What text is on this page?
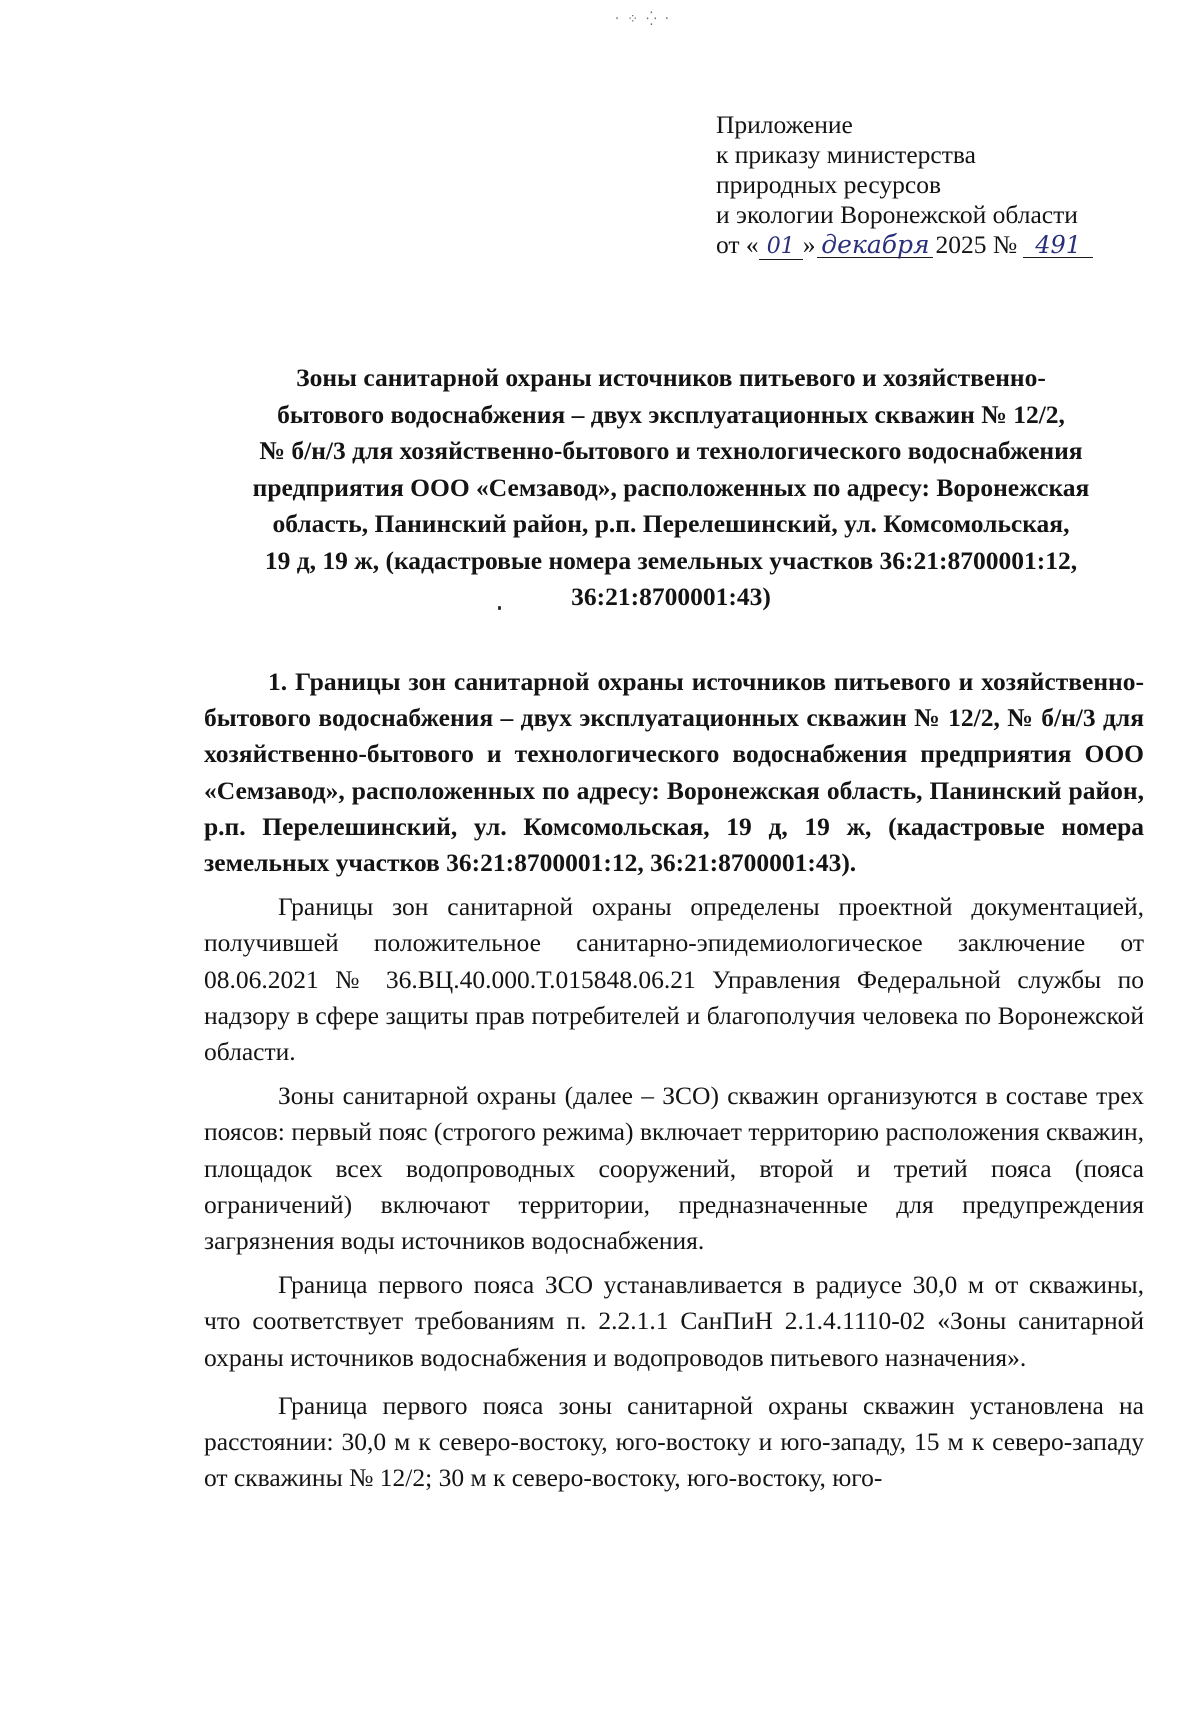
· ⁘ ⁛ ·
Приложение
к приказу министерства
природных ресурсов
и экологии Воронежской области
от « 01 » декабря 2025 № 491
Зоны санитарной охраны источников питьевого и хозяйственно-
бытового водоснабжения – двух эксплуатационных скважин № 12/2,
№ б/н/3 для хозяйственно-бытового и технологического водоснабжения
предприятия ООО «Семзавод», расположенных по адресу: Воронежская
область, Панинский район, р.п. Перелешинский, ул. Комсомольская,
19 д, 19 ж, (кадастровые номера земельных участков 36:21:8700001:12,
36:21:8700001:43)

1. Границы зон санитарной охраны источников питьевого и хозяйственно-бытового водоснабжения – двух эксплуатационных скважин № 12/2, № б/н/3 для хозяйственно-бытового и технологического водоснабжения предприятия ООО «Семзавод», расположенных по адресу: Воронежская область, Панинский район, р.п. Перелешинский, ул. Комсомольская, 19 д, 19 ж, (кадастровые номера земельных участков 36:21:8700001:12, 36:21:8700001:43).

Границы зон санитарной охраны определены проектной документацией, получившей положительное санитарно-эпидемиологическое заключение от 08.06.2021 № 36.ВЦ.40.000.Т.015848.06.21 Управления Федеральной службы по надзору в сфере защиты прав потребителей и благополучия человека по Воронежской области.

Зоны санитарной охраны (далее – ЗСО) скважин организуются в составе трех поясов: первый пояс (строгого режима) включает территорию расположения скважин, площадок всех водопроводных сооружений, второй и третий пояса (пояса ограничений) включают территории, предназначенные для предупреждения загрязнения воды источников водоснабжения.

Граница первого пояса ЗСО устанавливается в радиусе 30,0 м от скважины, что соответствует требованиям п. 2.2.1.1 СанПиН 2.1.4.1110-02 «Зоны санитарной охраны источников водоснабжения и водопроводов питьевого назначения».

Граница первого пояса зоны санитарной охраны скважин установлена на расстоянии: 30,0 м к северо-востоку, юго-востоку и юго-западу, 15 м к северо-западу от скважины № 12/2; 30 м к северо-востоку, юго-востоку, юго-
